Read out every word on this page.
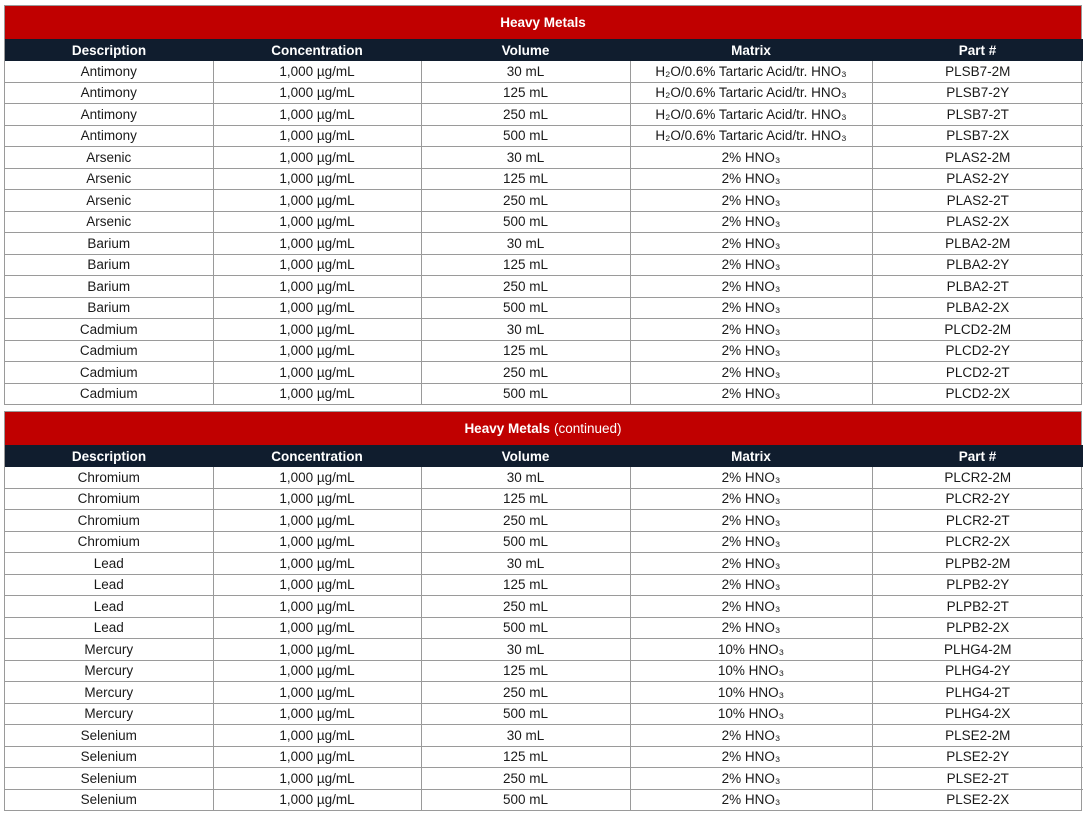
Heavy Metals
Description	Concentration	Volume	Matrix	Part #
Antimony	1,000 µg/mL	30 mL	H₂O/0.6% Tartaric Acid/tr. HNO₃	PLSB7-2M
Antimony	1,000 µg/mL	125 mL	H₂O/0.6% Tartaric Acid/tr. HNO₃	PLSB7-2Y
Antimony	1,000 µg/mL	250 mL	H₂O/0.6% Tartaric Acid/tr. HNO₃	PLSB7-2T
Antimony	1,000 µg/mL	500 mL	H₂O/0.6% Tartaric Acid/tr. HNO₃	PLSB7-2X
Arsenic	1,000 µg/mL	30 mL	2% HNO₃	PLAS2-2M
Arsenic	1,000 µg/mL	125 mL	2% HNO₃	PLAS2-2Y
Arsenic	1,000 µg/mL	250 mL	2% HNO₃	PLAS2-2T
Arsenic	1,000 µg/mL	500 mL	2% HNO₃	PLAS2-2X
Barium	1,000 µg/mL	30 mL	2% HNO₃	PLBA2-2M
Barium	1,000 µg/mL	125 mL	2% HNO₃	PLBA2-2Y
Barium	1,000 µg/mL	250 mL	2% HNO₃	PLBA2-2T
Barium	1,000 µg/mL	500 mL	2% HNO₃	PLBA2-2X
Cadmium	1,000 µg/mL	30 mL	2% HNO₃	PLCD2-2M
Cadmium	1,000 µg/mL	125 mL	2% HNO₃	PLCD2-2Y
Cadmium	1,000 µg/mL	250 mL	2% HNO₃	PLCD2-2T
Cadmium	1,000 µg/mL	500 mL	2% HNO₃	PLCD2-2X
Heavy Metals (continued)
Description	Concentration	Volume	Matrix	Part #
Chromium	1,000 µg/mL	30 mL	2% HNO₃	PLCR2-2M
Chromium	1,000 µg/mL	125 mL	2% HNO₃	PLCR2-2Y
Chromium	1,000 µg/mL	250 mL	2% HNO₃	PLCR2-2T
Chromium	1,000 µg/mL	500 mL	2% HNO₃	PLCR2-2X
Lead	1,000 µg/mL	30 mL	2% HNO₃	PLPB2-2M
Lead	1,000 µg/mL	125 mL	2% HNO₃	PLPB2-2Y
Lead	1,000 µg/mL	250 mL	2% HNO₃	PLPB2-2T
Lead	1,000 µg/mL	500 mL	2% HNO₃	PLPB2-2X
Mercury	1,000 µg/mL	30 mL	10% HNO₃	PLHG4-2M
Mercury	1,000 µg/mL	125 mL	10% HNO₃	PLHG4-2Y
Mercury	1,000 µg/mL	250 mL	10% HNO₃	PLHG4-2T
Mercury	1,000 µg/mL	500 mL	10% HNO₃	PLHG4-2X
Selenium	1,000 µg/mL	30 mL	2% HNO₃	PLSE2-2M
Selenium	1,000 µg/mL	125 mL	2% HNO₃	PLSE2-2Y
Selenium	1,000 µg/mL	250 mL	2% HNO₃	PLSE2-2T
Selenium	1,000 µg/mL	500 mL	2% HNO₃	PLSE2-2X
